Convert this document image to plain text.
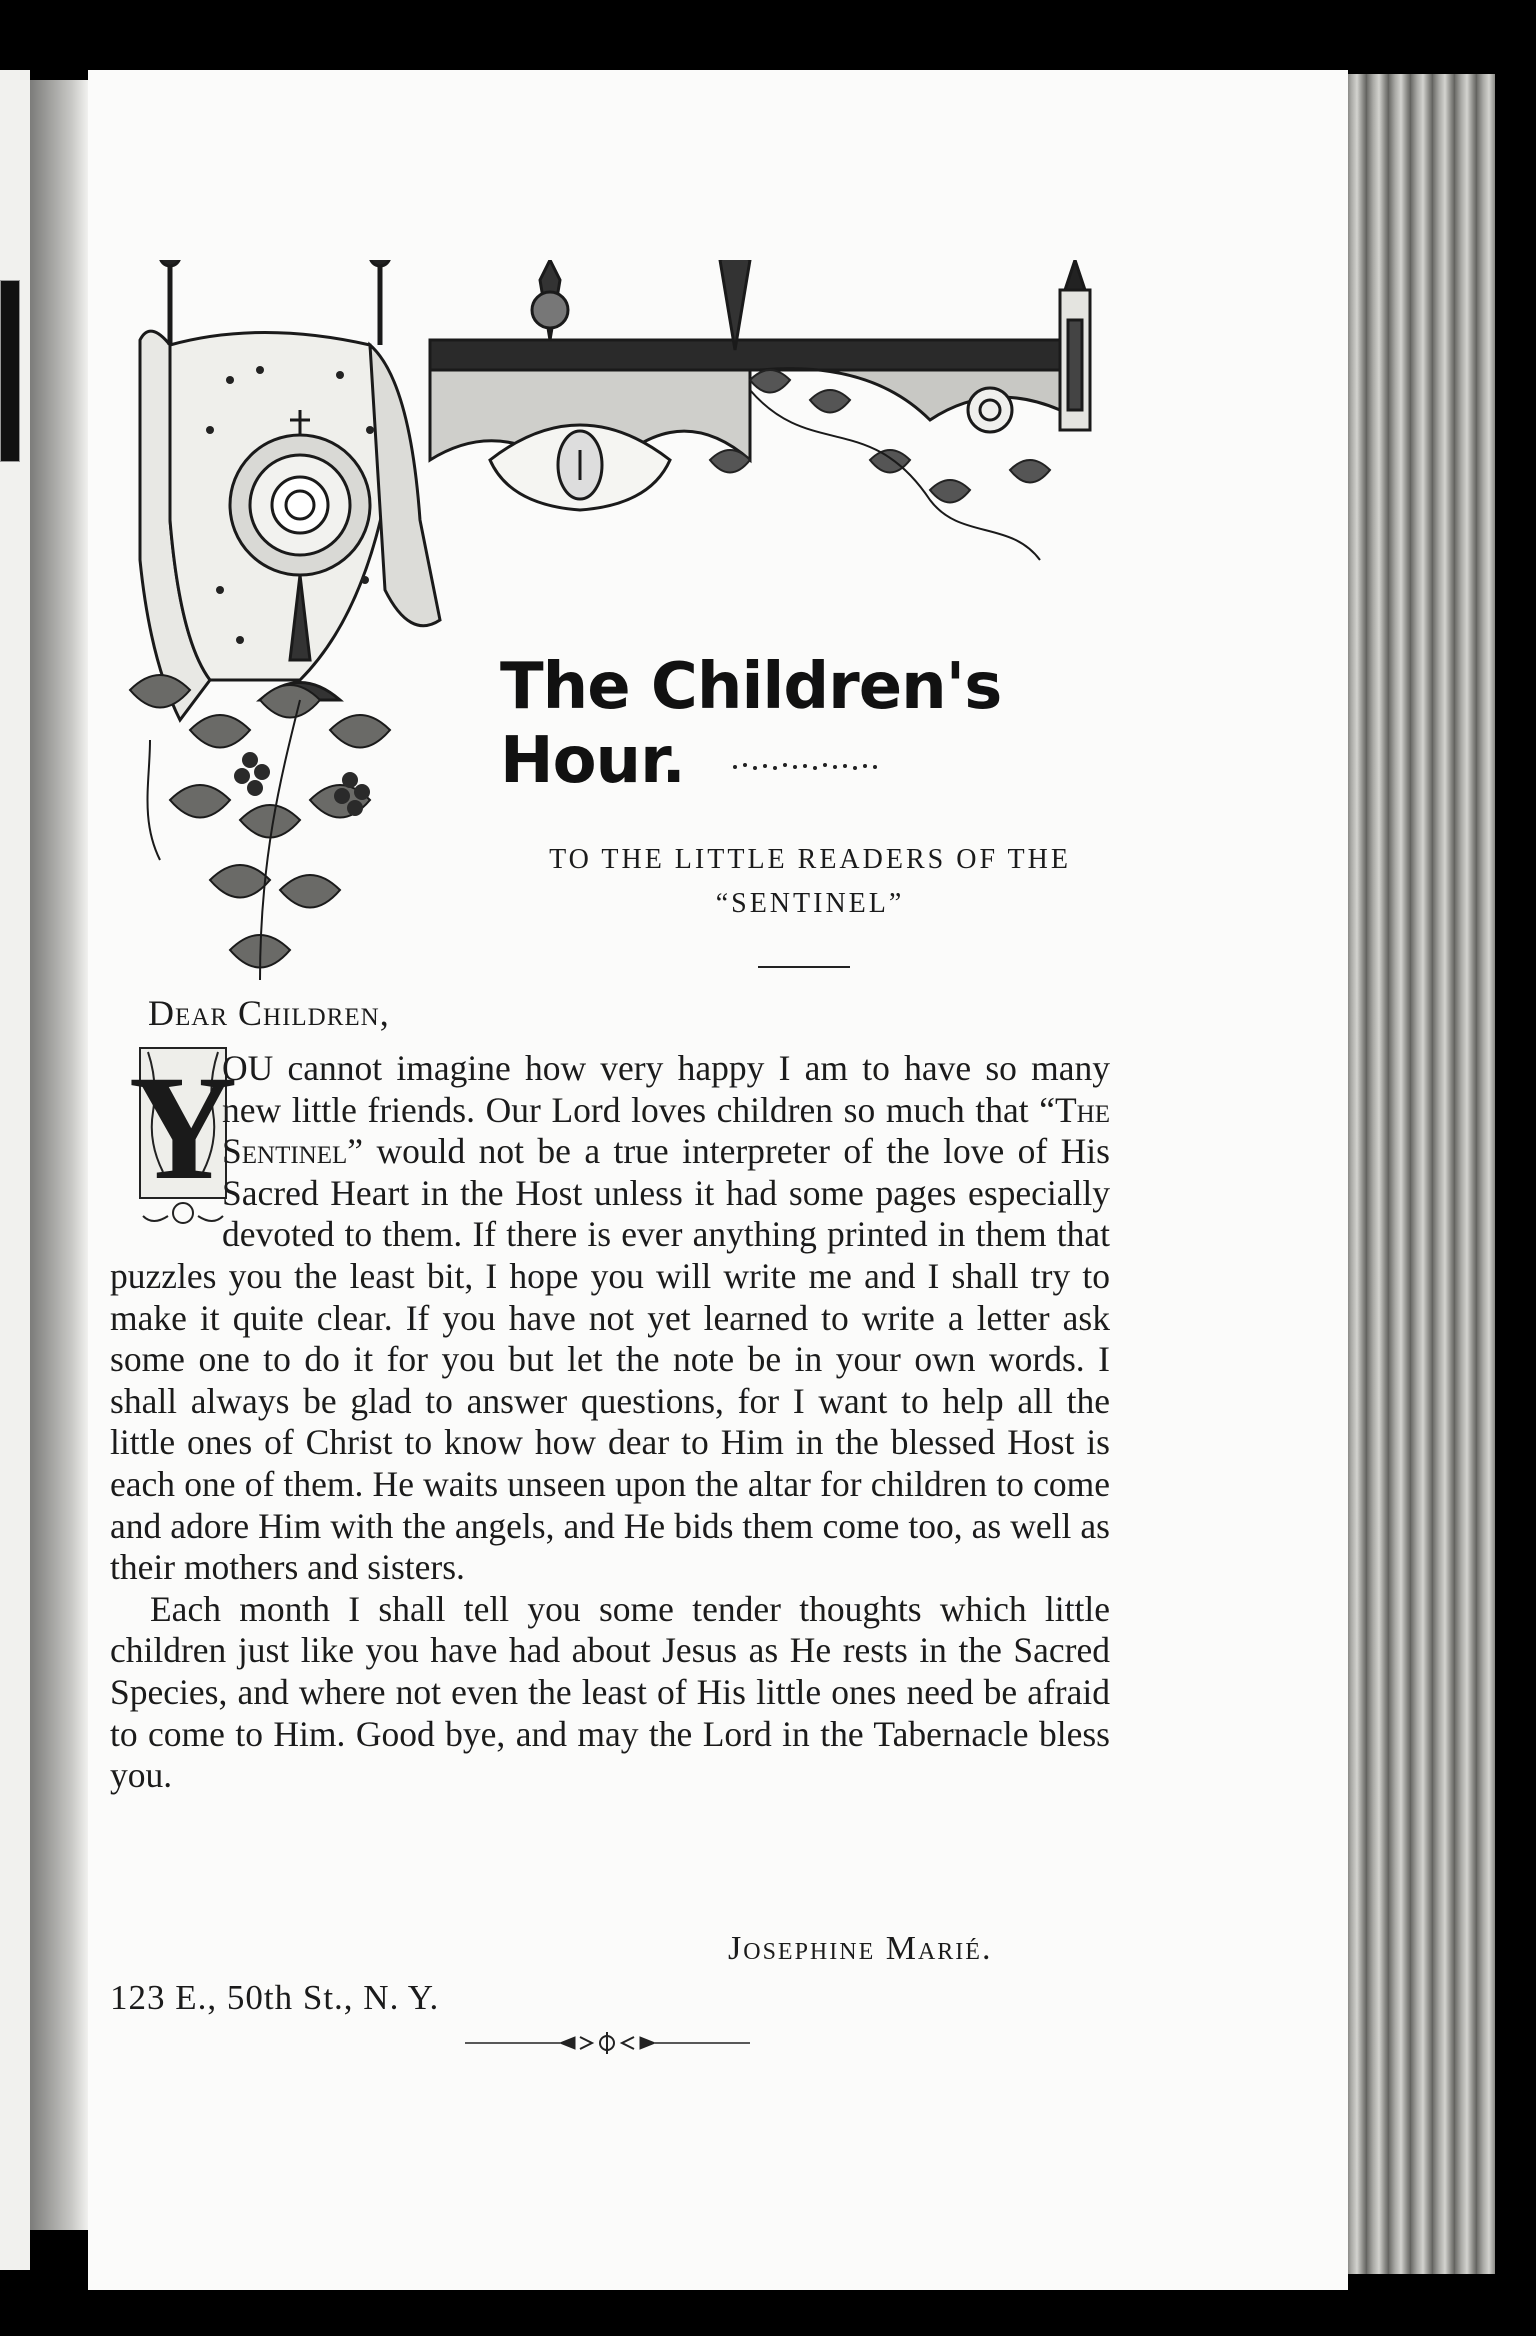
The Children's Hour.
TO THE LITTLE READERS OF THE
“SENTINEL”

Dear Children,

Y

OU cannot imagine how very happy I am to have so many new little friends. Our Lord loves children so much that “The Sentinel” would not be a true interpreter of the love of His Sacred Heart in the Host unless it had some pages especially devoted to them. If there is ever anything printed in them that puzzles you the least bit, I hope you will write me and I shall try to make it quite clear. If you have not yet learned to write a letter ask some one to do it for you but let the note be in your own words. I shall always be glad to answer questions, for I want to help all the little ones of Christ to know how dear to Him in the blessed Host is each one of them. He waits unseen upon the altar for children to come and adore Him with the angels, and He bids them come too, as well as their mothers and sisters.

Each month I shall tell you some tender thoughts which little children just like you have had about Jesus as He rests in the Sacred Species, and where not even the least of His little ones need be afraid to come to Him. Good bye, and may the Lord in the Tabernacle bless you.

Josephine Marié.

123 E., 50th St., N. Y.
